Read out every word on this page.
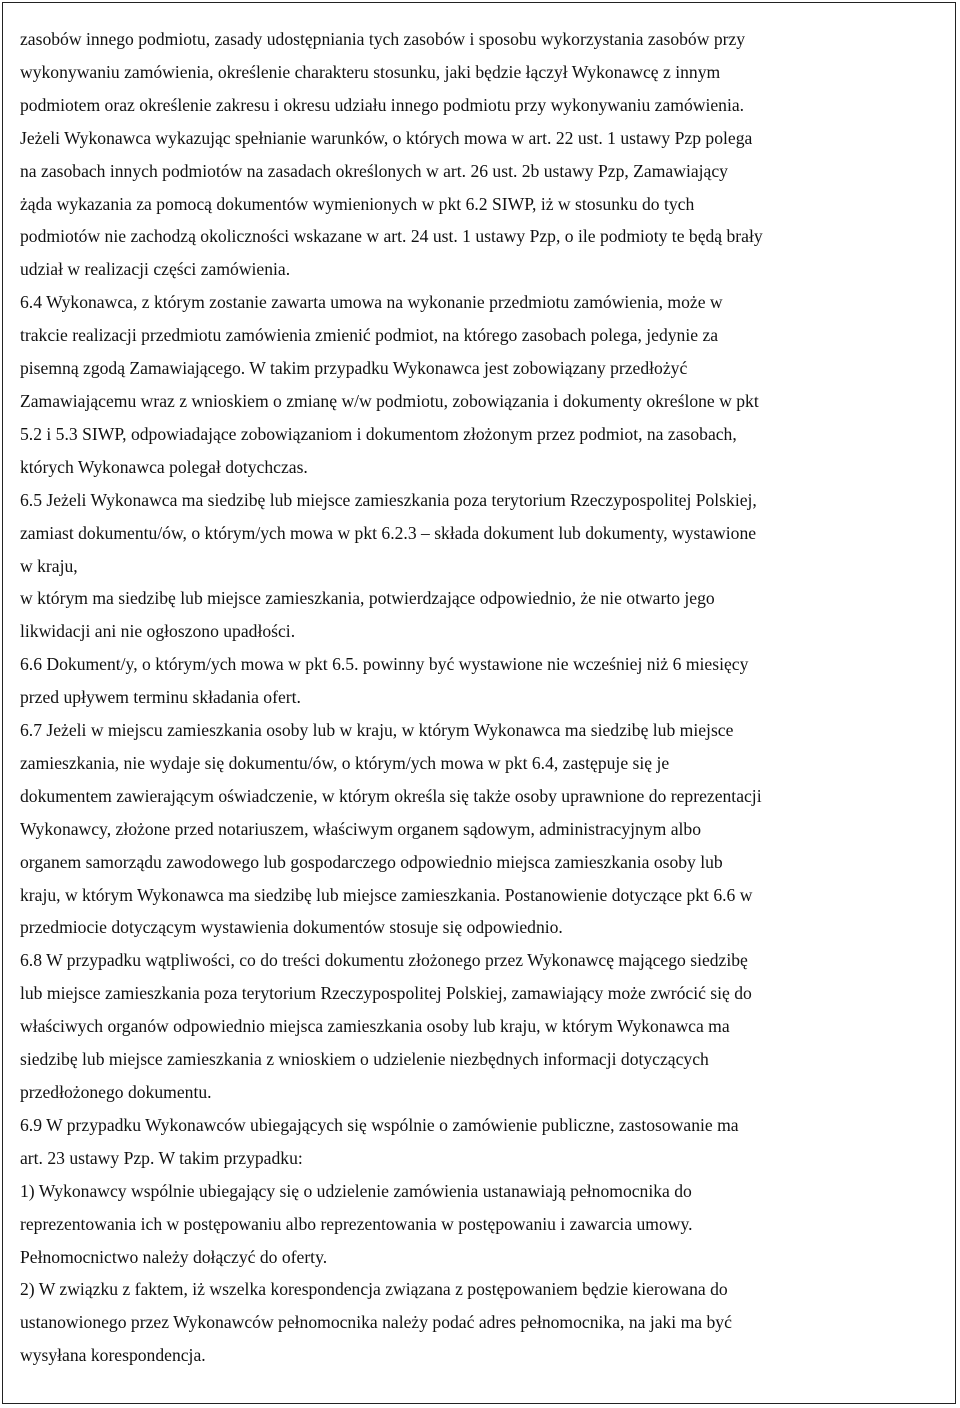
zasobów innego podmiotu, zasady udostępniania tych zasobów i sposobu wykorzystania zasobów przy

wykonywaniu zamówienia, określenie charakteru stosunku, jaki będzie łączył Wykonawcę z innym

podmiotem oraz określenie zakresu i okresu udziału innego podmiotu przy wykonywaniu zamówienia.

Jeżeli Wykonawca wykazując spełnianie warunków, o których mowa w art. 22 ust. 1 ustawy Pzp polega

na zasobach innych podmiotów na zasadach określonych w art. 26 ust. 2b ustawy Pzp, Zamawiający

żąda wykazania za pomocą dokumentów wymienionych w pkt 6.2 SIWP, iż w stosunku do tych

podmiotów nie zachodzą okoliczności wskazane w art. 24 ust. 1 ustawy Pzp, o ile podmioty te będą brały

udział w realizacji części zamówienia.

6.4 Wykonawca, z którym zostanie zawarta umowa na wykonanie przedmiotu zamówienia, może w

trakcie realizacji przedmiotu zamówienia zmienić podmiot, na którego zasobach polega, jedynie za

pisemną zgodą Zamawiającego. W takim przypadku Wykonawca jest zobowiązany przedłożyć

Zamawiającemu wraz z wnioskiem o zmianę w/w podmiotu, zobowiązania i dokumenty określone w pkt

5.2 i 5.3 SIWP, odpowiadające zobowiązaniom i dokumentom złożonym przez podmiot, na zasobach,

których Wykonawca polegał dotychczas.

6.5 Jeżeli Wykonawca ma siedzibę lub miejsce zamieszkania poza terytorium Rzeczypospolitej Polskiej,

zamiast dokumentu/ów, o którym/ych mowa w pkt 6.2.3 – składa dokument lub dokumenty, wystawione

w kraju,

w którym ma siedzibę lub miejsce zamieszkania, potwierdzające odpowiednio, że nie otwarto jego

likwidacji ani nie ogłoszono upadłości.

6.6 Dokument/y, o którym/ych mowa w pkt 6.5. powinny być wystawione nie wcześniej niż 6 miesięcy

przed upływem terminu składania ofert.

6.7 Jeżeli w miejscu zamieszkania osoby lub w kraju, w którym Wykonawca ma siedzibę lub miejsce

zamieszkania, nie wydaje się dokumentu/ów, o którym/ych mowa w pkt 6.4, zastępuje się je

dokumentem zawierającym oświadczenie, w którym określa się także osoby uprawnione do reprezentacji

Wykonawcy, złożone przed notariuszem, właściwym organem sądowym, administracyjnym albo

organem samorządu zawodowego lub gospodarczego odpowiednio miejsca zamieszkania osoby lub

kraju, w którym Wykonawca ma siedzibę lub miejsce zamieszkania. Postanowienie dotyczące pkt 6.6 w

przedmiocie dotyczącym wystawienia dokumentów stosuje się odpowiednio.

6.8 W przypadku wątpliwości, co do treści dokumentu złożonego przez Wykonawcę mającego siedzibę

lub miejsce zamieszkania poza terytorium Rzeczypospolitej Polskiej, zamawiający może zwrócić się do

właściwych organów odpowiednio miejsca zamieszkania osoby lub kraju, w którym Wykonawca ma

siedzibę lub miejsce zamieszkania z wnioskiem o udzielenie niezbędnych informacji dotyczących

przedłożonego dokumentu.

6.9 W przypadku Wykonawców ubiegających się wspólnie o zamówienie publiczne, zastosowanie ma

art. 23 ustawy Pzp. W takim przypadku:

1) Wykonawcy wspólnie ubiegający się o udzielenie zamówienia ustanawiają pełnomocnika do

reprezentowania ich w postępowaniu albo reprezentowania w postępowaniu i zawarcia umowy.

Pełnomocnictwo należy dołączyć do oferty.

2) W związku z faktem, iż wszelka korespondencja związana z postępowaniem będzie kierowana do

ustanowionego przez Wykonawców pełnomocnika należy podać adres pełnomocnika, na jaki ma być

wysyłana korespondencja.
